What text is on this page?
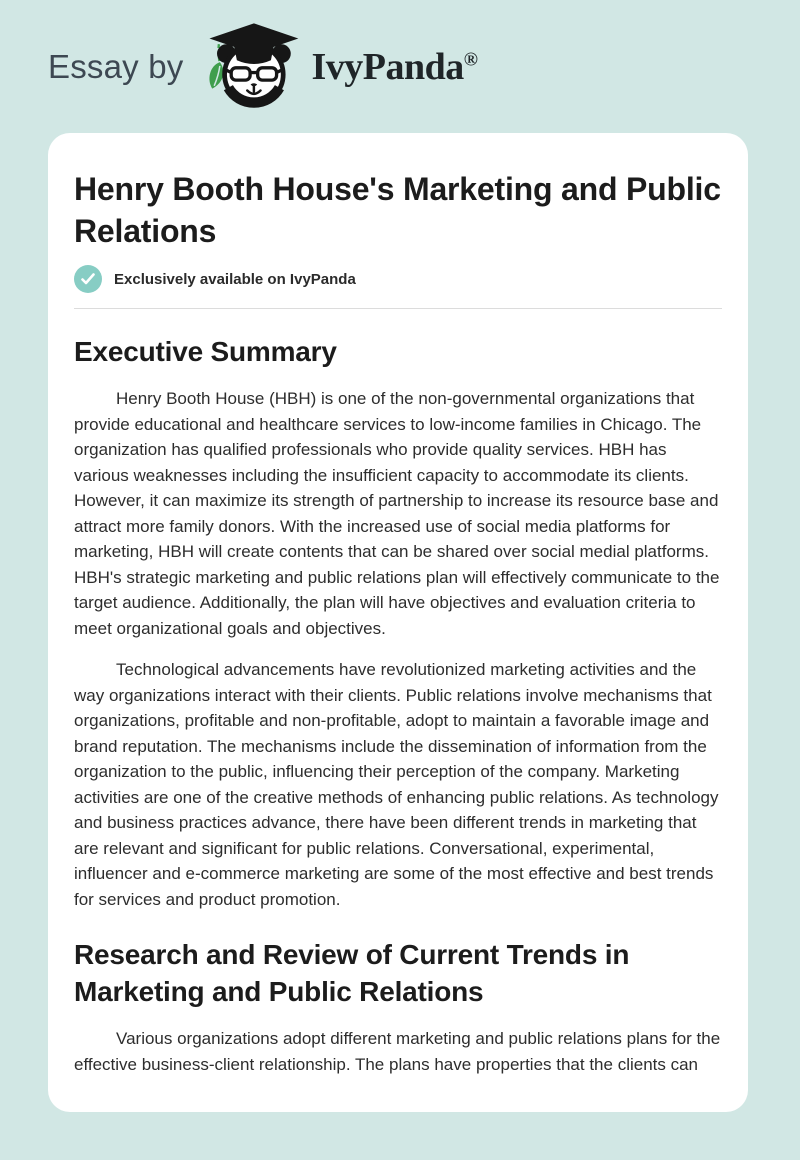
Essay by	IvyPanda®
Henry Booth House's Marketing and Public Relations
Exclusively available on IvyPanda
Executive Summary

Henry Booth House (HBH) is one of the non-governmental organizations that provide educational and healthcare services to low-income families in Chicago. The organization has qualified professionals who provide quality services. HBH has various weaknesses including the insufficient capacity to accommodate its clients. However, it can maximize its strength of partnership to increase its resource base and attract more family donors. With the increased use of social media platforms for marketing, HBH will create contents that can be shared over social medial platforms. HBH's strategic marketing and public relations plan will effectively communicate to the target audience. Additionally, the plan will have objectives and evaluation criteria to meet organizational goals and objectives.

Technological advancements have revolutionized marketing activities and the way organizations interact with their clients. Public relations involve mechanisms that organizations, profitable and non-profitable, adopt to maintain a favorable image and brand reputation. The mechanisms include the dissemination of information from the organization to the public, influencing their perception of the company. Marketing activities are one of the creative methods of enhancing public relations. As technology and business practices advance, there have been different trends in marketing that are relevant and significant for public relations. Conversational, experimental, influencer and e-commerce marketing are some of the most effective and best trends for services and product promotion.

Research and Review of Current Trends in Marketing and Public Relations

Various organizations adopt different marketing and public relations plans for the effective business-client relationship. The plans have properties that the clients can
